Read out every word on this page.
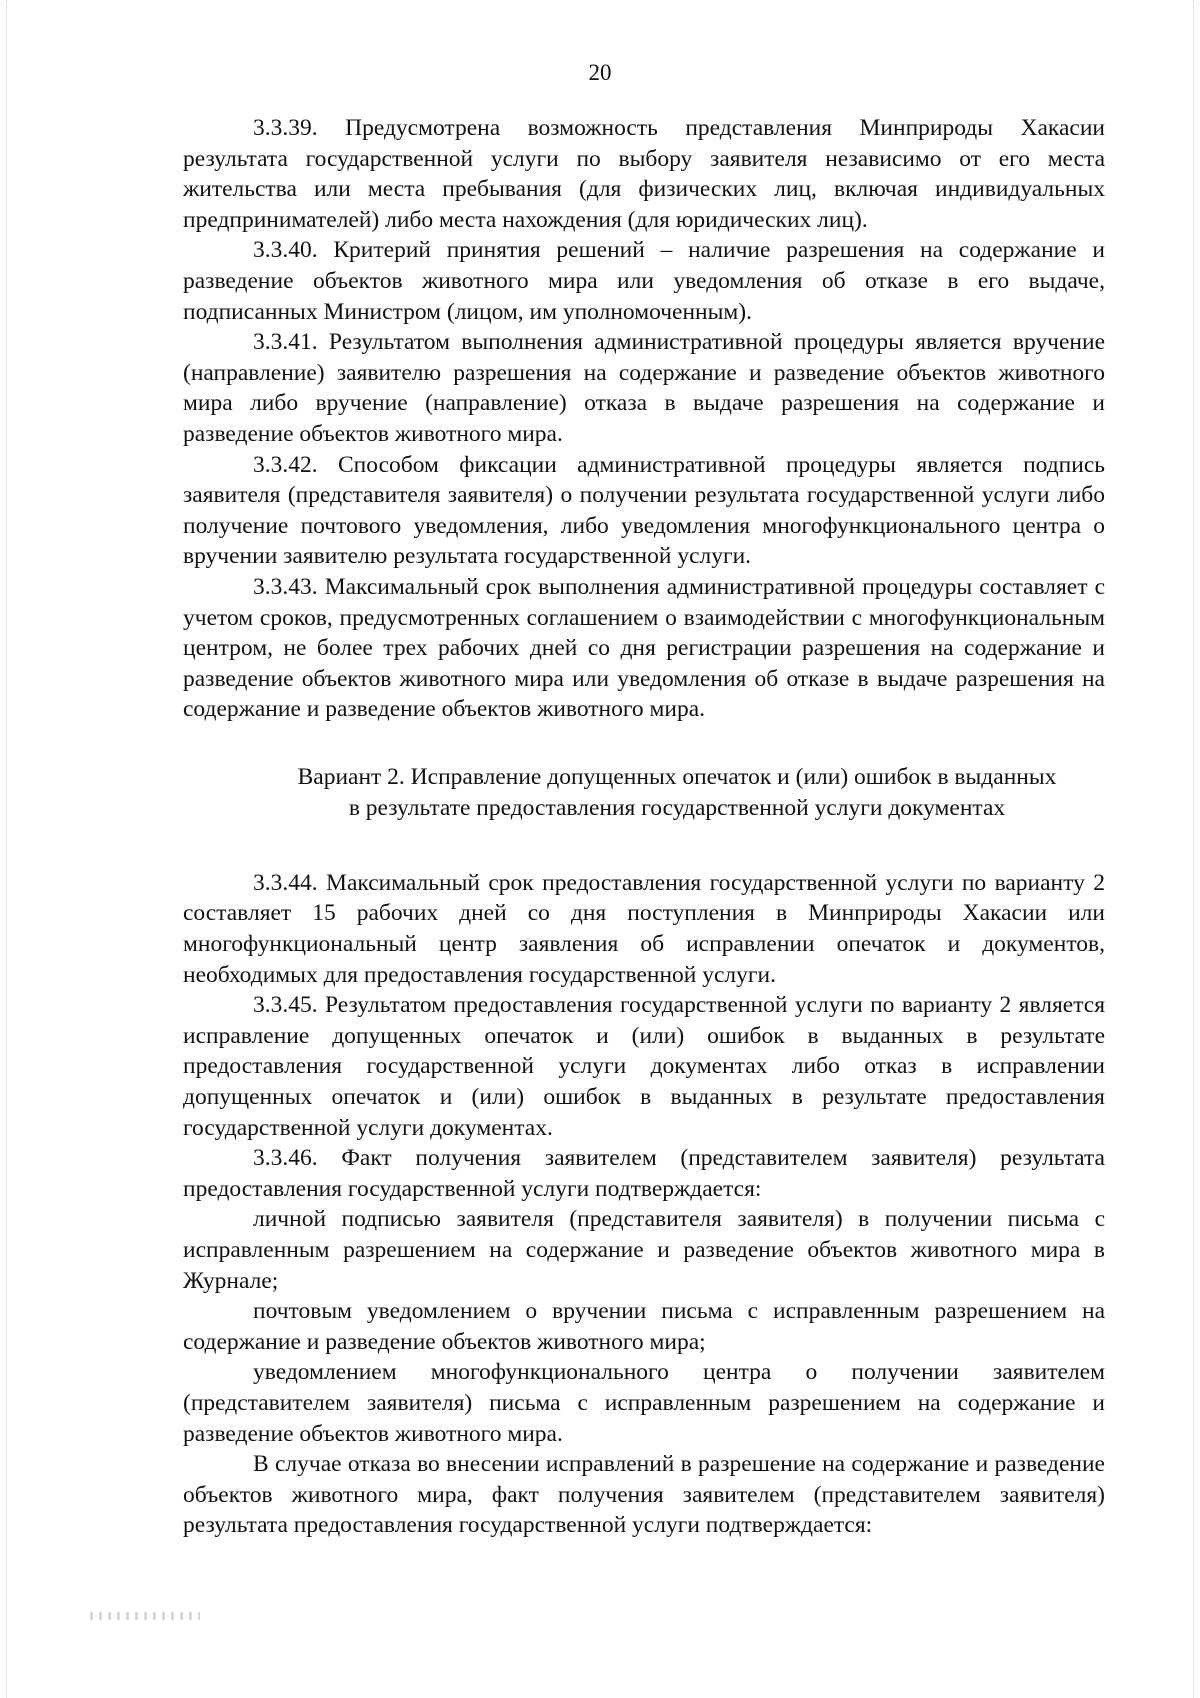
20

3.3.39. Предусмотрена возможность представления Минприроды Хакасии результата государственной услуги по выбору заявителя независимо от его места жительства или места пребывания (для физических лиц, включая индивидуальных предпринимателей) либо места нахождения (для юридических лиц).

3.3.40. Критерий принятия решений – наличие разрешения на содержание и разведение объектов животного мира или уведомления об отказе в его выдаче, подписанных Министром (лицом, им уполномоченным).

3.3.41. Результатом выполнения административной процедуры является вручение (направление) заявителю разрешения на содержание и разведение объектов животного мира либо вручение (направление) отказа в выдаче разрешения на содержание и разведение объектов животного мира.

3.3.42. Способом фиксации административной процедуры является подпись заявителя (представителя заявителя) о получении результата государственной услуги либо получение почтового уведомления, либо уведомления многофункционального центра о вручении заявителю результата государственной услуги.

3.3.43. Максимальный срок выполнения административной процедуры составляет с учетом сроков, предусмотренных соглашением о взаимодействии с многофункциональным центром, не более трех рабочих дней со дня регистрации разрешения на содержание и разведение объектов животного мира или уведомления об отказе в выдаче разрешения на содержание и разведение объектов животного мира.

Вариант 2. Исправление допущенных опечаток и (или) ошибок в выданных
в результате предоставления государственной услуги документах

3.3.44. Максимальный срок предоставления государственной услуги по варианту 2 составляет 15 рабочих дней со дня поступления в Минприроды Хакасии или многофункциональный центр заявления об исправлении опечаток и документов, необходимых для предоставления государственной услуги.

3.3.45. Результатом предоставления государственной услуги по варианту 2 является исправление допущенных опечаток и (или) ошибок в выданных в результате предоставления государственной услуги документах либо отказ в исправлении допущенных опечаток и (или) ошибок в выданных в результате предоставления государственной услуги документах.

3.3.46. Факт получения заявителем (представителем заявителя) результата предоставления государственной услуги подтверждается:

личной подписью заявителя (представителя заявителя) в получении письма с исправленным разрешением на содержание и разведение объектов животного мира в Журнале;

почтовым уведомлением о вручении письма с исправленным разрешением на содержание и разведение объектов животного мира;

уведомлением многофункционального центра о получении заявителем (представителем заявителя) письма с исправленным разрешением на содержание и разведение объектов животного мира.

В случае отказа во внесении исправлений в разрешение на содержание и разведение объектов животного мира, факт получения заявителем (представителем заявителя) результата предоставления государственной услуги подтверждается:
